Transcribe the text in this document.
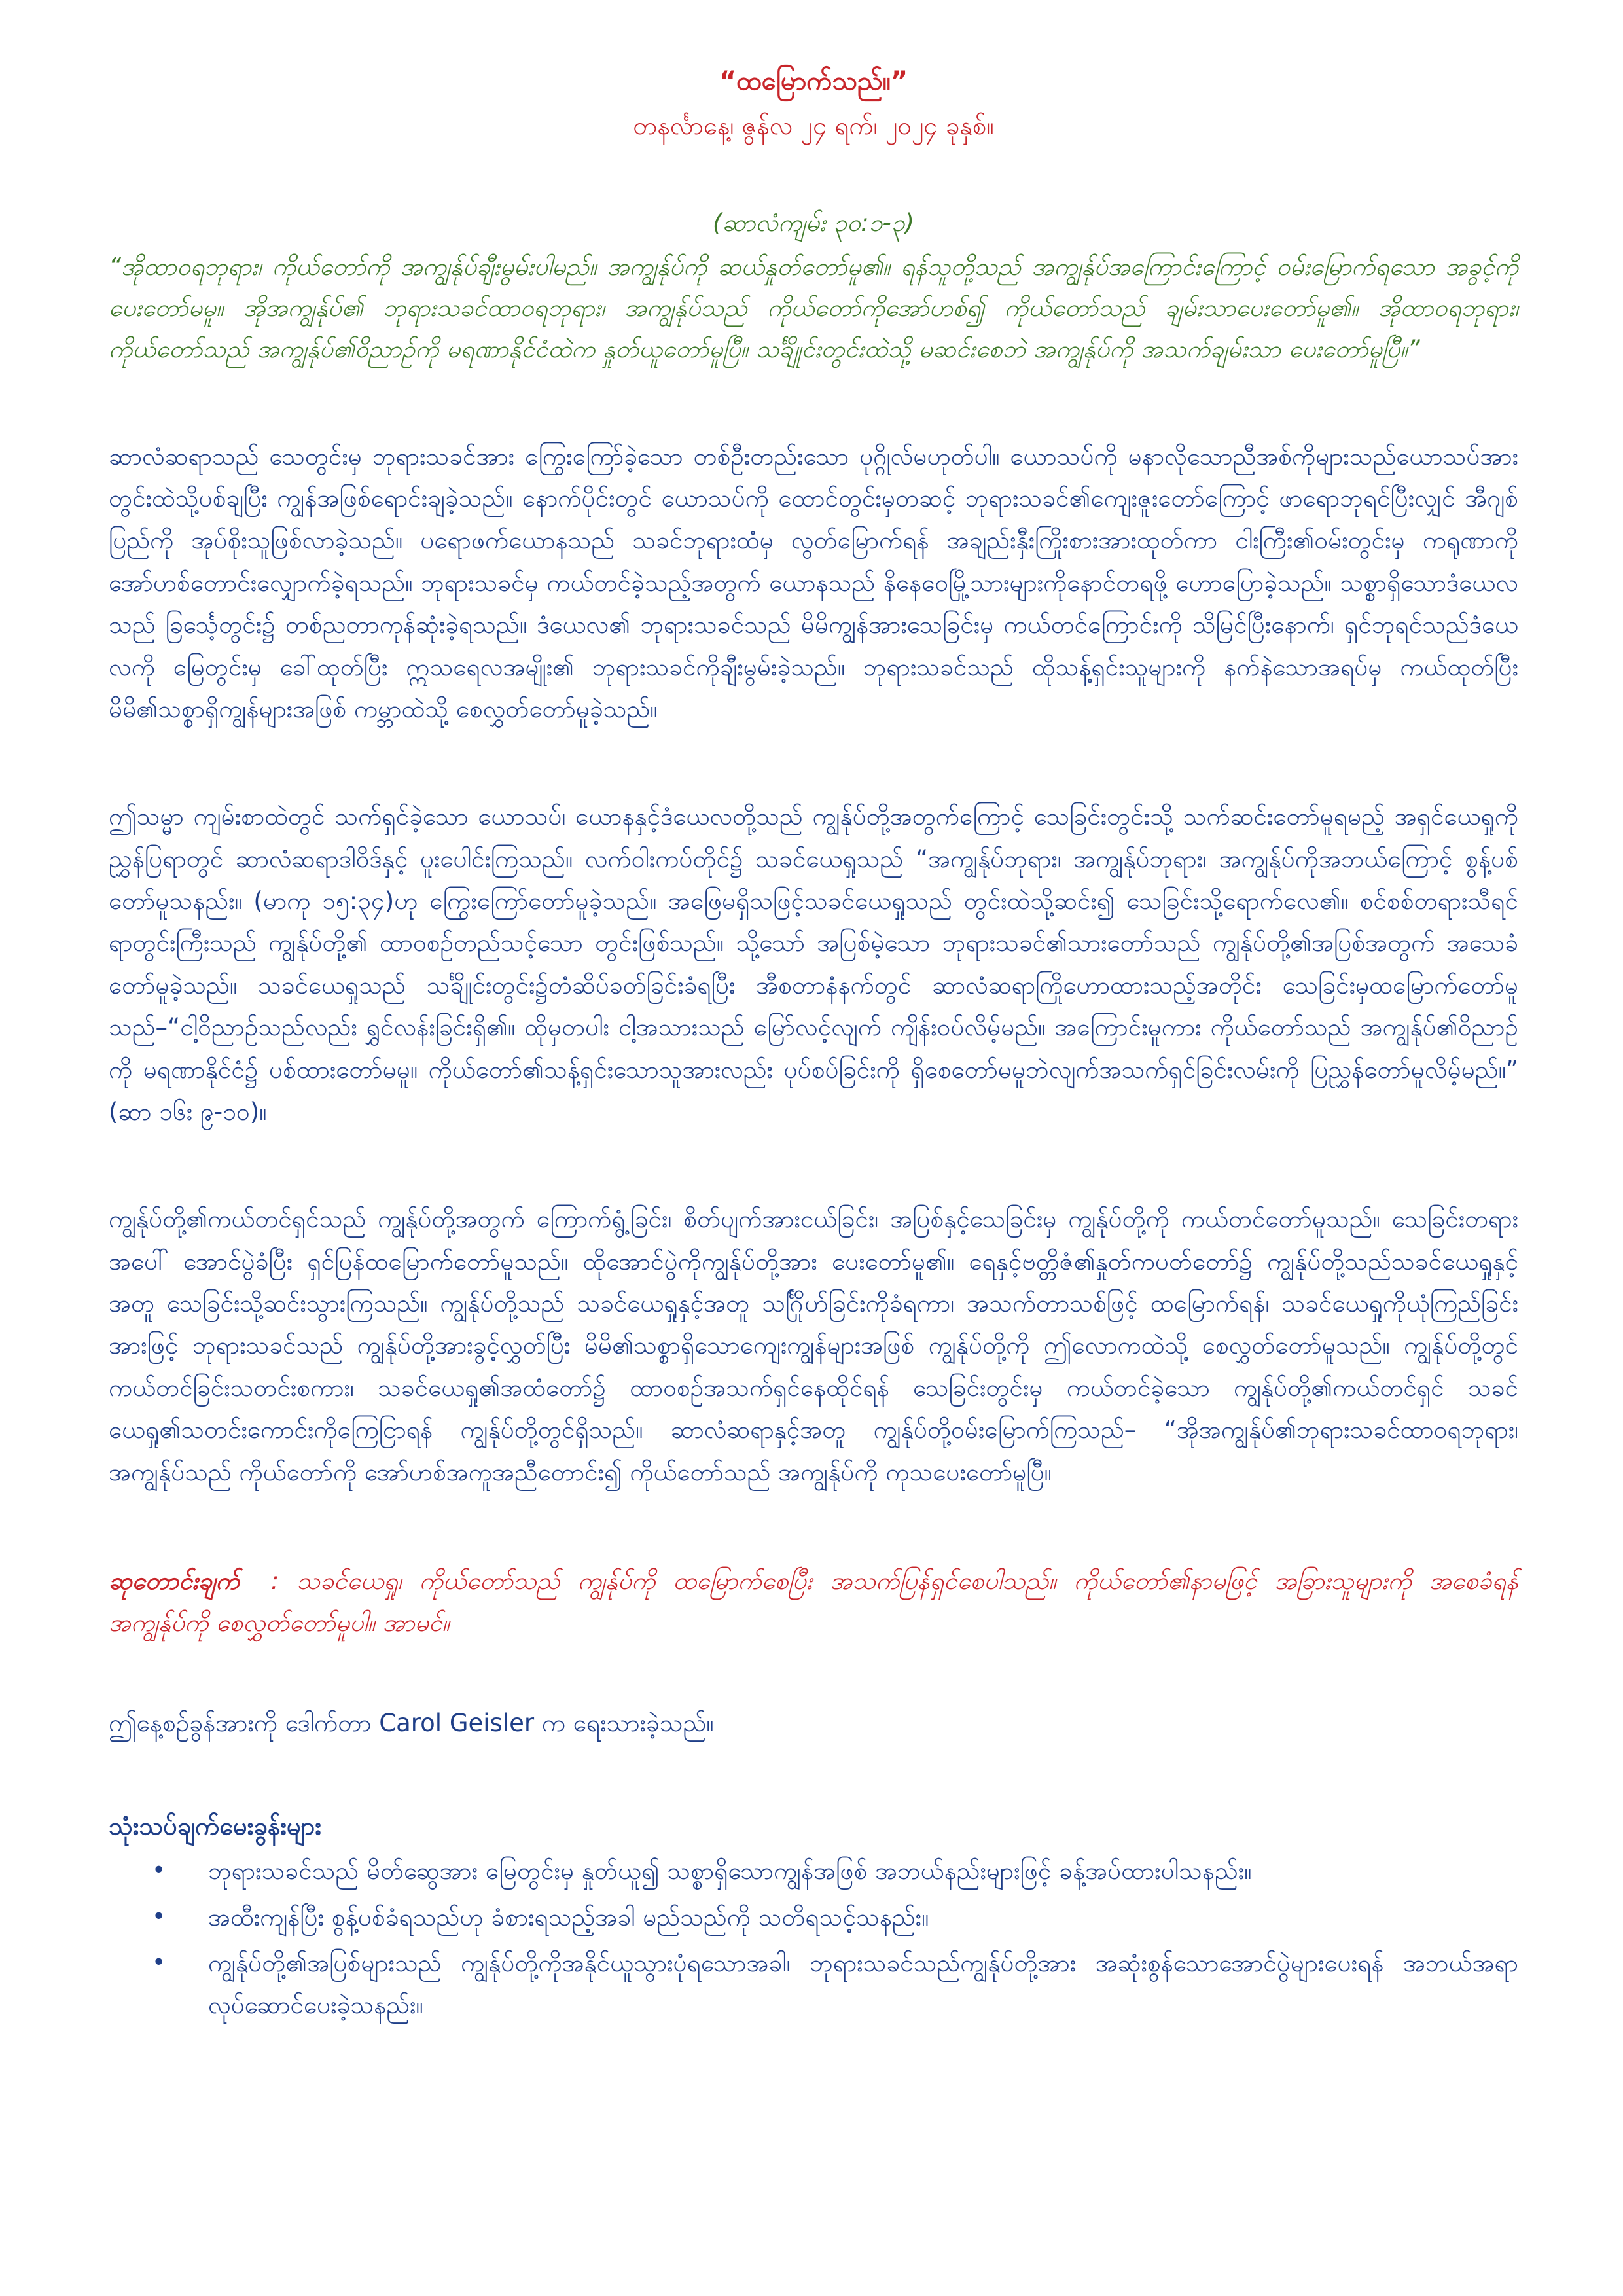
“ထမြောက်သည်။”

တနင်္လာနေ့၊ ဇွန်လ ၂၄ ရက်၊ ၂၀၂၄ ခုနှစ်။

(ဆာလံကျမ်း ၃၀:၁-၃)

“အိုထာဝရဘုရား၊ ကိုယ်တော်ကို အကျွန်ုပ်ချီးမွမ်းပါမည်။ အကျွန်ုပ်ကို ဆယ်နှုတ်တော်မူ၏။ ရန်သူတို့သည် အကျွန်ုပ်အကြောင်းကြောင့် ဝမ်းမြောက်ရသော အခွင့်ကိုပေးတော်မမူ။ အိုအကျွန်ုပ်၏ ဘုရားသခင်ထာဝရဘုရား၊ အကျွန်ုပ်သည် ကိုယ်တော်ကိုအော်ဟစ်၍ ကိုယ်တော်သည် ချမ်းသာပေးတော်မူ၏။ အိုထာဝရဘုရား၊ ကိုယ်တော်သည် အကျွန်ုပ်၏ဝိညာဉ်ကို မရဏာနိုင်ငံထဲက နှုတ်ယူတော်မူပြီ။ သင်္ချိုင်းတွင်းထဲသို့ မဆင်းစေဘဲ အကျွန်ုပ်ကို အသက်ချမ်းသာ ပေးတော်မူပြီ။”

ဆာလံဆရာသည် သေတွင်းမှ ဘုရားသခင်အား ကြွေးကြော်ခဲ့သော တစ်ဦးတည်းသော ပုဂ္ဂိုလ်မဟုတ်ပါ။ ယောသပ်ကို မနာလိုသောညီအစ်ကိုများသည်ယောသပ်အား တွင်းထဲသို့ပစ်ချပြီး ကျွန်အဖြစ်ရောင်းချခဲ့သည်။ နောက်ပိုင်းတွင် ယောသပ်ကို ထောင်တွင်းမှတဆင့် ဘုရားသခင်၏ကျေးဇူးတော်ကြောင့် ဖာရောဘုရင်ပြီးလျှင် အီဂျစ်ပြည်ကို အုပ်စိုးသူဖြစ်လာခဲ့သည်။ ပရောဖက်ယောနသည် သခင်ဘုရားထံမှ လွတ်မြောက်ရန် အချည်းနှီးကြိုးစားအားထုတ်ကာ ငါးကြီး၏ဝမ်းတွင်းမှ ကရုဏာကို အော်ဟစ်တောင်းလျှောက်ခဲ့ရသည်။ ဘုရားသခင်မှ ကယ်တင်ခဲ့သည့်အတွက် ယောနသည် နိနေဝေမြို့သားများကိုနောင်တရဖို့ ဟောပြောခဲ့သည်။ သစ္စာရှိသောဒံယေလသည် ခြင်္သေ့တွင်း၌ တစ်ညတာကုန်ဆုံးခဲ့ရသည်။ ဒံယေလ၏ ဘုရားသခင်သည် မိမိကျွန်အားသေခြင်းမှ ကယ်တင်ကြောင်းကို သိမြင်ပြီးနောက်၊ ရှင်ဘုရင်သည်ဒံယေလကို မြေတွင်းမှ ခေါ်ထုတ်ပြီး ဣသရေလအမျိုး၏ ဘုရားသခင်ကိုချီးမွမ်းခဲ့သည်။ ဘုရားသခင်သည် ထိုသန့်ရှင်းသူများကို နက်နဲသောအရပ်မှ ကယ်ထုတ်ပြီး မိမိ၏သစ္စာရှိကျွန်များအဖြစ် ကမ္ဘာထဲသို့ စေလွှတ်တော်မူခဲ့သည်။

ဤသမ္မာ ကျမ်းစာထဲတွင် သက်ရှင်ခဲ့သော ယောသပ်၊ ယောနနှင့်ဒံယေလတို့သည် ကျွန်ုပ်တို့အတွက်ကြောင့် သေခြင်းတွင်းသို့ သက်ဆင်းတော်မူရမည့် အရှင်ယေရှုကိုညွှန်ပြရာတွင် ဆာလံဆရာဒါဝိဒ်နှင့် ပူးပေါင်းကြသည်။ လက်ဝါးကပ်တိုင်၌ သခင်ယေရှုသည် “အကျွန်ုပ်ဘုရား၊ အကျွန်ုပ်ဘုရား၊ အကျွန်ုပ်ကိုအဘယ်ကြောင့် စွန့်ပစ်တော်မူသနည်း။ (မာကု ၁၅:၃၄)ဟု ကြွေးကြော်တော်မူခဲ့သည်။ အဖြေမရှိသဖြင့်သခင်ယေရှုသည် တွင်းထဲသို့ဆင်း၍ သေခြင်းသို့ရောက်လေ၏။ စင်စစ်တရားသီရင်ရာတွင်းကြီးသည် ကျွန်ုပ်တို့၏ ထာဝစဉ်တည်သင့်သော တွင်းဖြစ်သည်။ သို့သော် အပြစ်မဲ့သော ဘုရားသခင်၏သားတော်သည် ကျွန်ုပ်တို့၏အပြစ်အတွက် အသေခံတော်မူခဲ့သည်။ သခင်ယေရှုသည် သင်္ချိုင်းတွင်း၌တံဆိပ်ခတ်ခြင်းခံရပြီး အီစတာနံနက်တွင် ဆာလံဆရာကြိုဟောထားသည့်အတိုင်း သေခြင်းမှထမြောက်တော်မူသည်–“ငါ့ဝိညာဉ်သည်လည်း ရွှင်လန်းခြင်းရှိ၏။ ထိုမှတပါး ငါ့အသားသည် မြော်လင့်လျက် ကျိန်းဝပ်လိမ့်မည်။ အကြောင်းမူကား ကိုယ်တော်သည် အကျွန်ုပ်၏ဝိညာဉ်ကို မရဏာနိုင်ငံ၌ ပစ်ထားတော်မမူ။ ကိုယ်တော်၏သန့်ရှင်းသောသူအားလည်း ပုပ်စပ်ခြင်းကို ရှိစေတော်မမူဘဲလျက်အသက်ရှင်ခြင်းလမ်းကို ပြညွှန်တော်မူလိမ့်မည်။” (ဆာ ၁၆း ၉-၁၀)။

ကျွန်ုပ်တို့၏ကယ်တင်ရှင်သည် ကျွန်ုပ်တို့အတွက် ကြောက်ရွံ့ခြင်း၊ စိတ်ပျက်အားငယ်ခြင်း၊ အပြစ်နှင့်သေခြင်းမှ ကျွန်ုပ်တို့ကို ကယ်တင်တော်မူသည်။ သေခြင်းတရားအပေါ် အောင်ပွဲခံပြီး ရှင်ပြန်ထမြောက်တော်မူသည်။ ထိုအောင်ပွဲကိုကျွန်ုပ်တို့အား ပေးတော်မူ၏။ ရေနှင့်ဗတ္တိဇံ၏နှုတ်ကပတ်တော်၌ ကျွန်ုပ်တို့သည်သခင်ယေရှုနှင့်အတူ သေခြင်းသို့ဆင်းသွားကြသည်။ ကျွန်ုပ်တို့သည် သခင်ယေရှုနှင့်အတူ သင်္ဂြိုဟ်ခြင်းကိုခံရကာ၊ အသက်တာသစ်ဖြင့် ထမြောက်ရန်၊ သခင်ယေရှုကိုယုံကြည်ခြင်းအားဖြင့် ဘုရားသခင်သည် ကျွန်ုပ်တို့အားခွင့်လွှတ်ပြီး မိမိ၏သစ္စာရှိသောကျေးကျွန်များအဖြစ် ကျွန်ုပ်တို့ကို ဤလောကထဲသို့ စေလွှတ်တော်မူသည်။ ကျွန်ုပ်တို့တွင် ကယ်တင်ခြင်းသတင်းစကား၊ သခင်ယေရှု၏အထံတော်၌ ထာဝစဉ်အသက်ရှင်နေထိုင်ရန် သေခြင်းတွင်းမှ ကယ်တင်ခဲ့သော ကျွန်ုပ်တို့၏ကယ်တင်ရှင် သခင်ယေရှု၏သတင်းကောင်းကိုကြေငြာရန် ကျွန်ုပ်တို့တွင်ရှိသည်။ ဆာလံဆရာနှင့်အတူ ကျွန်ုပ်တို့ဝမ်းမြောက်ကြသည်– “အိုအကျွန်ုပ်၏ဘုရားသခင်ထာဝရဘုရား၊ အကျွန်ုပ်သည် ကိုယ်တော်ကို အော်ဟစ်အကူအညီတောင်း၍ ကိုယ်တော်သည် အကျွန်ုပ်ကို ကုသပေးတော်မူပြီ။

ဆုတောင်းချက် : သခင်ယေရှု၊ ကိုယ်တော်သည် ကျွန်ုပ်ကို ထမြောက်စေပြီး အသက်ပြန်ရှင်စေပါသည်။ ကိုယ်တော်၏နာမဖြင့် အခြားသူများကို အစေခံရန် အကျွန်ုပ်ကို စေလွှတ်တော်မူပါ။ အာမင်။

ဤနေ့စဉ်ခွန်အားကို ဒေါက်တာ Carol Geisler က ရေးသားခဲ့သည်။

သုံးသပ်ချက်မေးခွန်းများ
• ဘုရားသခင်သည် မိတ်ဆွေအား မြေတွင်းမှ နှုတ်ယူ၍ သစ္စာရှိသောကျွန်အဖြစ် အဘယ်နည်းများဖြင့် ခန့်အပ်ထားပါသနည်း။
• အထီးကျန်ပြီး စွန့်ပစ်ခံရသည်ဟု ခံစားရသည့်အခါ မည်သည်ကို သတိရသင့်သနည်း။
• ကျွန်ုပ်တို့၏အပြစ်များသည် ကျွန်ုပ်တို့ကိုအနိုင်ယူသွားပုံရသောအခါ၊ ဘုရားသခင်သည်ကျွန်ုပ်တို့အား အဆုံးစွန်သောအောင်ပွဲများပေးရန် အဘယ်အရာလုပ်ဆောင်ပေးခဲ့သနည်း။
